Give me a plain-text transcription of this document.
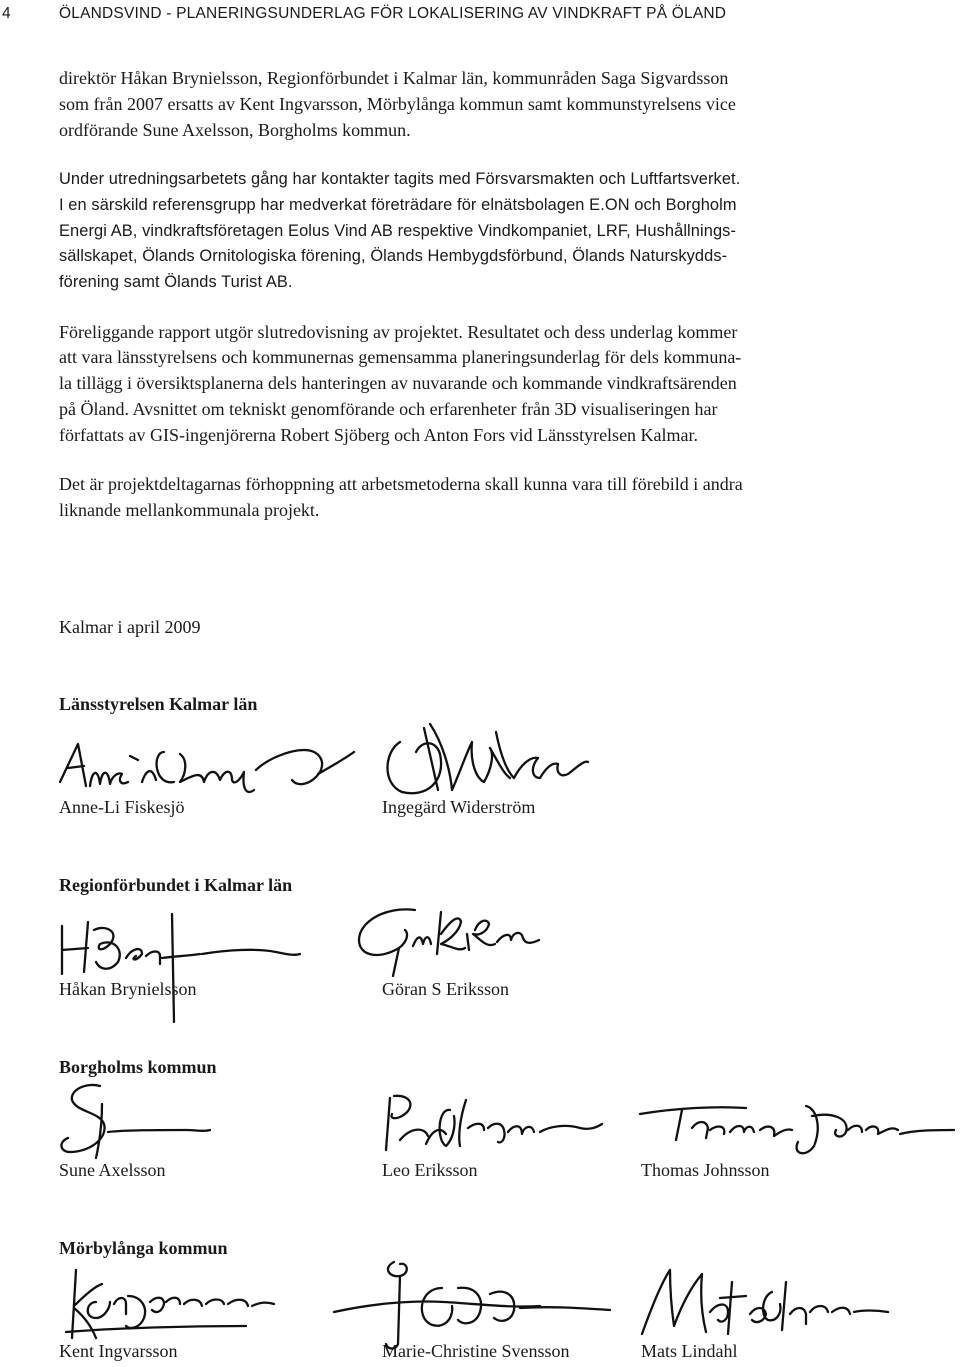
4	ÖLANDSVIND - PLANERINGSUNDERLAG FÖR LOKALISERING AV VINDKRAFT PÅ ÖLAND

direktör Håkan Brynielsson, Regionförbundet i Kalmar län, kommunråden Saga Sigvardsson
som från 2007 ersatts av Kent Ingvarsson, Mörbylånga kommun samt kommunstyrelsens vice
ordförande Sune Axelsson, Borgholms kommun.

Under utredningsarbetets gång har kontakter tagits med Försvarsmakten och Luftfartsverket.
I en särskild referensgrupp har medverkat företrädare för elnätsbolagen E.ON och Borgholm
Energi AB, vindkraftsföretagen Eolus Vind AB respektive Vindkompaniet, LRF, Hushållnings-
sällskapet, Ölands Ornitologiska förening, Ölands Hembygdsförbund, Ölands Naturskydds-
förening samt Ölands Turist AB.

Föreliggande rapport utgör slutredovisning av projektet. Resultatet och dess underlag kommer
att vara länsstyrelsens och kommunernas gemensamma planeringsunderlag för dels kommuna-
la tillägg i översiktsplanerna dels hanteringen av nuvarande och kommande vindkraftsärenden
på Öland. Avsnittet om tekniskt genomförande och erfarenheter från 3D visualiseringen har
författats av GIS-ingenjörerna Robert Sjöberg och Anton Fors vid Länsstyrelsen Kalmar.

Det är projektdeltagarnas förhoppning att arbetsmetoderna skall kunna vara till förebild i andra
liknande mellankommunala projekt.

Kalmar i april 2009
Länsstyrelsen Kalmar län
Regionförbundet i Kalmar län
Borgholms kommun
Mörbylånga kommun
Anne-Li Fiskesjö	Ingegärd Widerström
Håkan Brynielsson	Göran S Eriksson
Sune Axelsson	Leo Eriksson	Thomas Johnsson
Kent Ingvarsson	Marie-Christine Svensson	Mats Lindahl
